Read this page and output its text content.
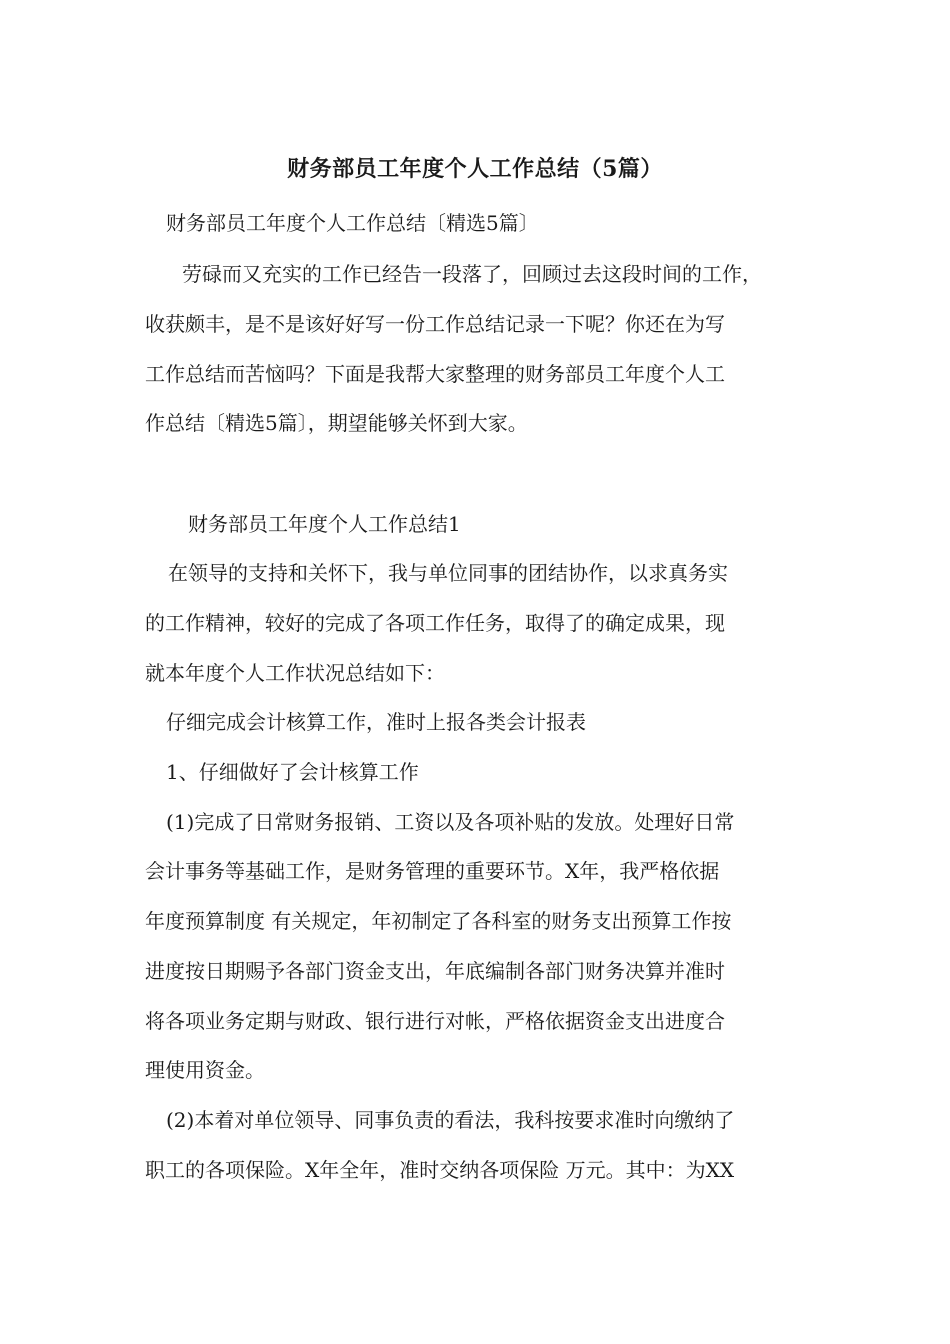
财务部员工年度个人工作总结（5篇）
财务部员工年度个人工作总结〔精选5篇〕
劳碌而又充实的工作已经告一段落了，回顾过去这段时间的工作，
收获颇丰，是不是该好好写一份工作总结记录一下呢？你还在为写
工作总结而苦恼吗？下面是我帮大家整理的财务部员工年度个人工
作总结〔精选5篇〕，期望能够关怀到大家。
财务部员工年度个人工作总结1
在领导的支持和关怀下，我与单位同事的团结协作，以求真务实
的工作精神，较好的完成了各项工作任务，取得了的确定成果，现
就本年度个人工作状况总结如下：
仔细完成会计核算工作，准时上报各类会计报表
1、仔细做好了会计核算工作
(1)完成了日常财务报销、工资以及各项补贴的发放。处理好日常
会计事务等基础工作，是财务管理的重要环节。X年，我严格依据
年度预算制度 有关规定，年初制定了各科室的财务支出预算工作按
进度按日期赐予各部门资金支出，年底编制各部门财务决算并准时
将各项业务定期与财政、银行进行对帐，严格依据资金支出进度合
理使用资金。
(2)本着对单位领导、同事负责的看法，我科按要求准时向缴纳了
职工的各项保险。X年全年，准时交纳各项保险 万元。其中：为XX
